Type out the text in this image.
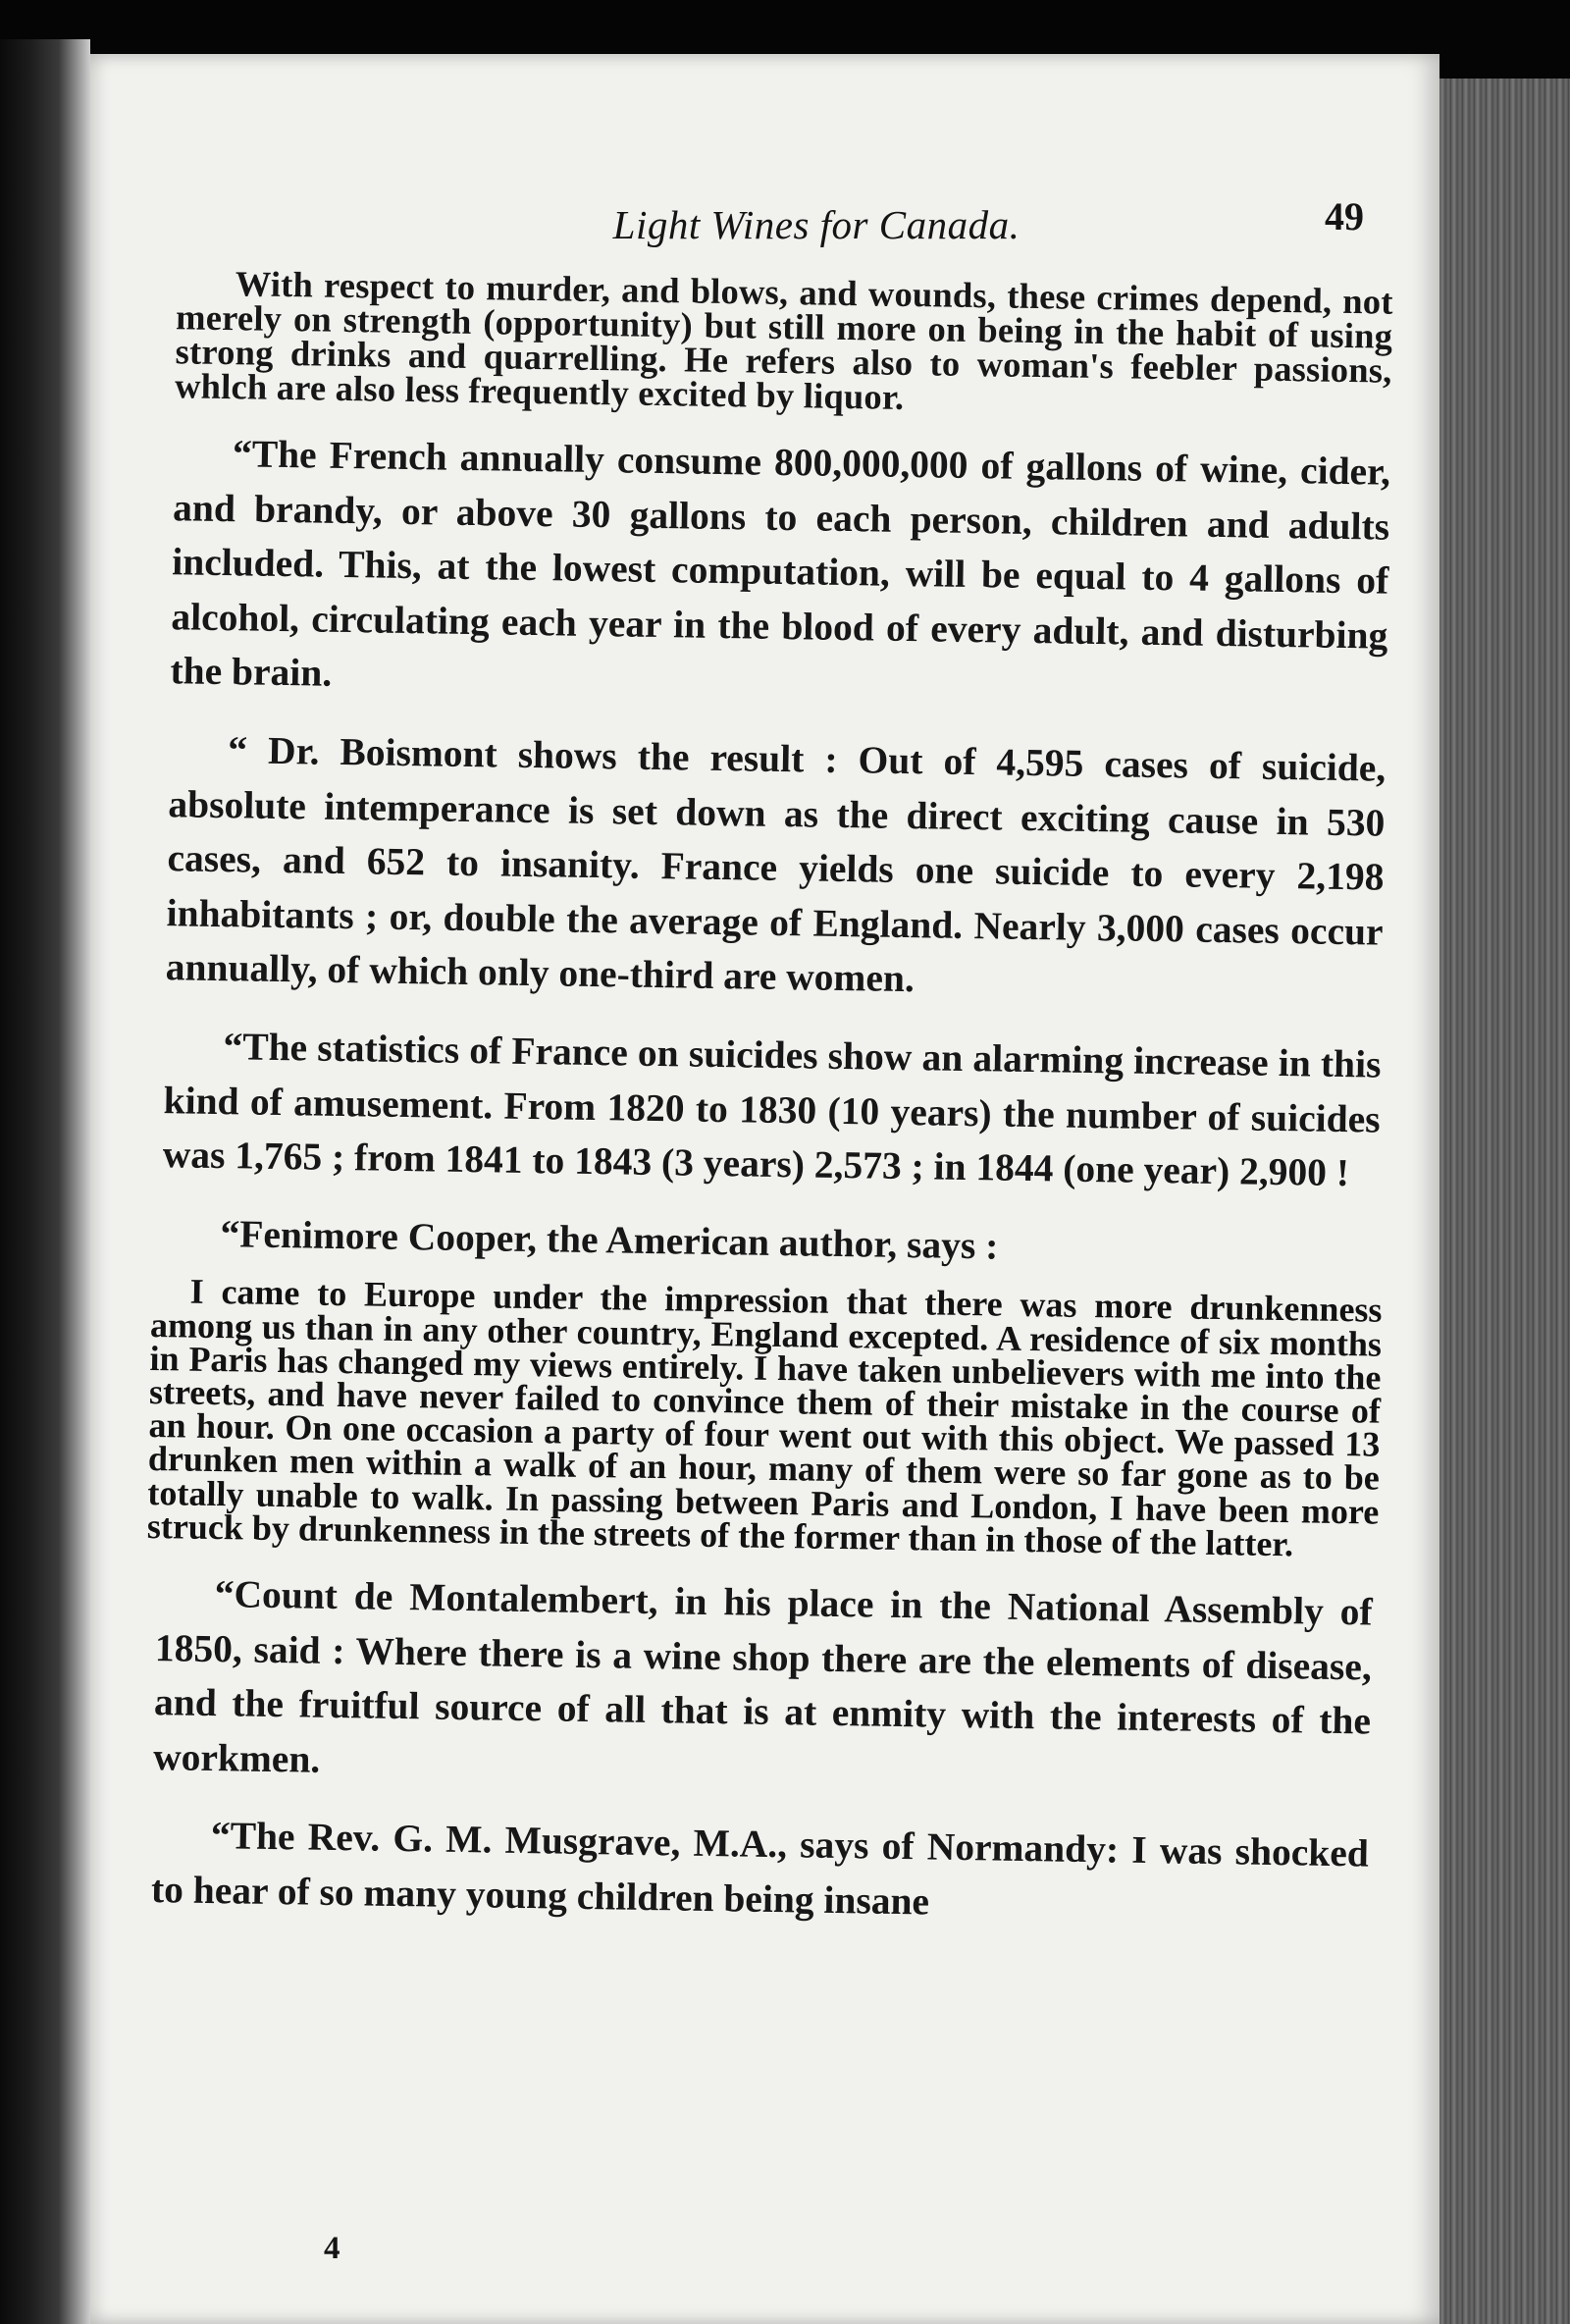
Light Wines for Canada.	49

With respect to murder, and blows, and wounds, these crimes depend, not merely on strength (opportunity) but still more on being in the habit of using strong drinks and quarrelling. He refers also to woman's feebler passions, whlch are also less frequently excited by liquor.

“The French annually consume 800,000,000 of gallons of wine, cider, and brandy, or above 30 gallons to each person, children and adults included. This, at the lowest computation, will be equal to 4 gallons of alcohol, circulating each year in the blood of every adult, and disturbing the brain.

“ Dr. Boismont shows the result : Out of 4,595 cases of suicide, absolute intemperance is set down as the direct exciting cause in 530 cases, and 652 to insanity. France yields one suicide to every 2,198 inhabitants ; or, double the average of England. Nearly 3,000 cases occur annually, of which only one-third are women.

“The statistics of France on suicides show an alarming increase in this kind of amusement. From 1820 to 1830 (10 years) the number of suicides was 1,765 ; from 1841 to 1843 (3 years) 2,573 ; in 1844 (one year) 2,900 !

“Fenimore Cooper, the American author, says :

I came to Europe under the impression that there was more drunkenness among us than in any other country, England excepted. A residence of six months in Paris has changed my views entirely. I have taken unbelievers with me into the streets, and have never failed to convince them of their mistake in the course of an hour. On one occasion a party of four went out with this object. We passed 13 drunken men within a walk of an hour, many of them were so far gone as to be totally unable to walk. In passing between Paris and London, I have been more struck by drunkenness in the streets of the former than in those of the latter.

“Count de Montalembert, in his place in the National Assembly of 1850, said : Where there is a wine shop there are the elements of disease, and the fruitful source of all that is at enmity with the interests of the workmen.

“The Rev. G. M. Musgrave, M.A., says of Normandy: I was shocked to hear of so many young children being insane

4
